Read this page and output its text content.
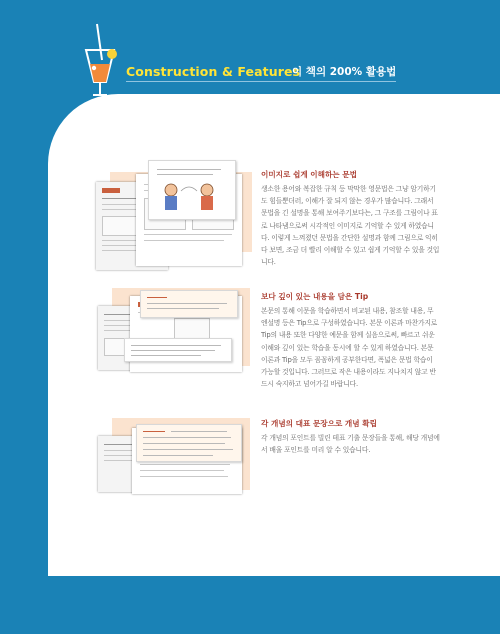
Construction & Features
이 책의 200% 활용법
이미지로 쉽게 이해하는 문법
생소한 용어와 복잡한 규칙 등 막막한 영문법은 그냥 암기하기
도 힘들뿐더러, 이해가 잘 되지 않는 경우가 많습니다. 그래서
문법을 긴 설명을 통해 보여주기보다는, 그 구조를 그림이나 표
로 나타냄으로써 시각적인 이미지로 기억할 수 있게 하였습니
다. 이렇게 느껴졌던 문법을 간단한 설명과 함께 그림으로 익히
다 보면, 조금 더 빨리 이해할 수 있고 쉽게 기억할 수 있을 것입
니다.
보다 깊이 있는 내용을 담은 Tip
본문의 통해 이문을 학습하면서 비교된 내용, 참조할 내용, 무
엔설명 등은 Tip으로 구성하였습니다. 본문 이론과 마찬가지로
Tip의 내용 또한 다양한 예문을 함께 실음으로써, 빠르고 쉬운
이해와 깊이 있는 학습을 동시에 할 수 있게 하였습니다. 본문
이론과 Tip을 모두 꼼꼼하게 공부한다면, 폭넓은 문법 학습이
가능할 것입니다. 그러므로 작은 내용이라도 지나치지 않고 반
드시 숙지하고 넘어가길 바랍니다.
각 개념의 대표 문장으로 개념 확립
각 개념의 포인트를 빌린 테표 기출 문장들을 통해, 해당 개념에
서 배울 포인트를 미리 알 수 있습니다.
